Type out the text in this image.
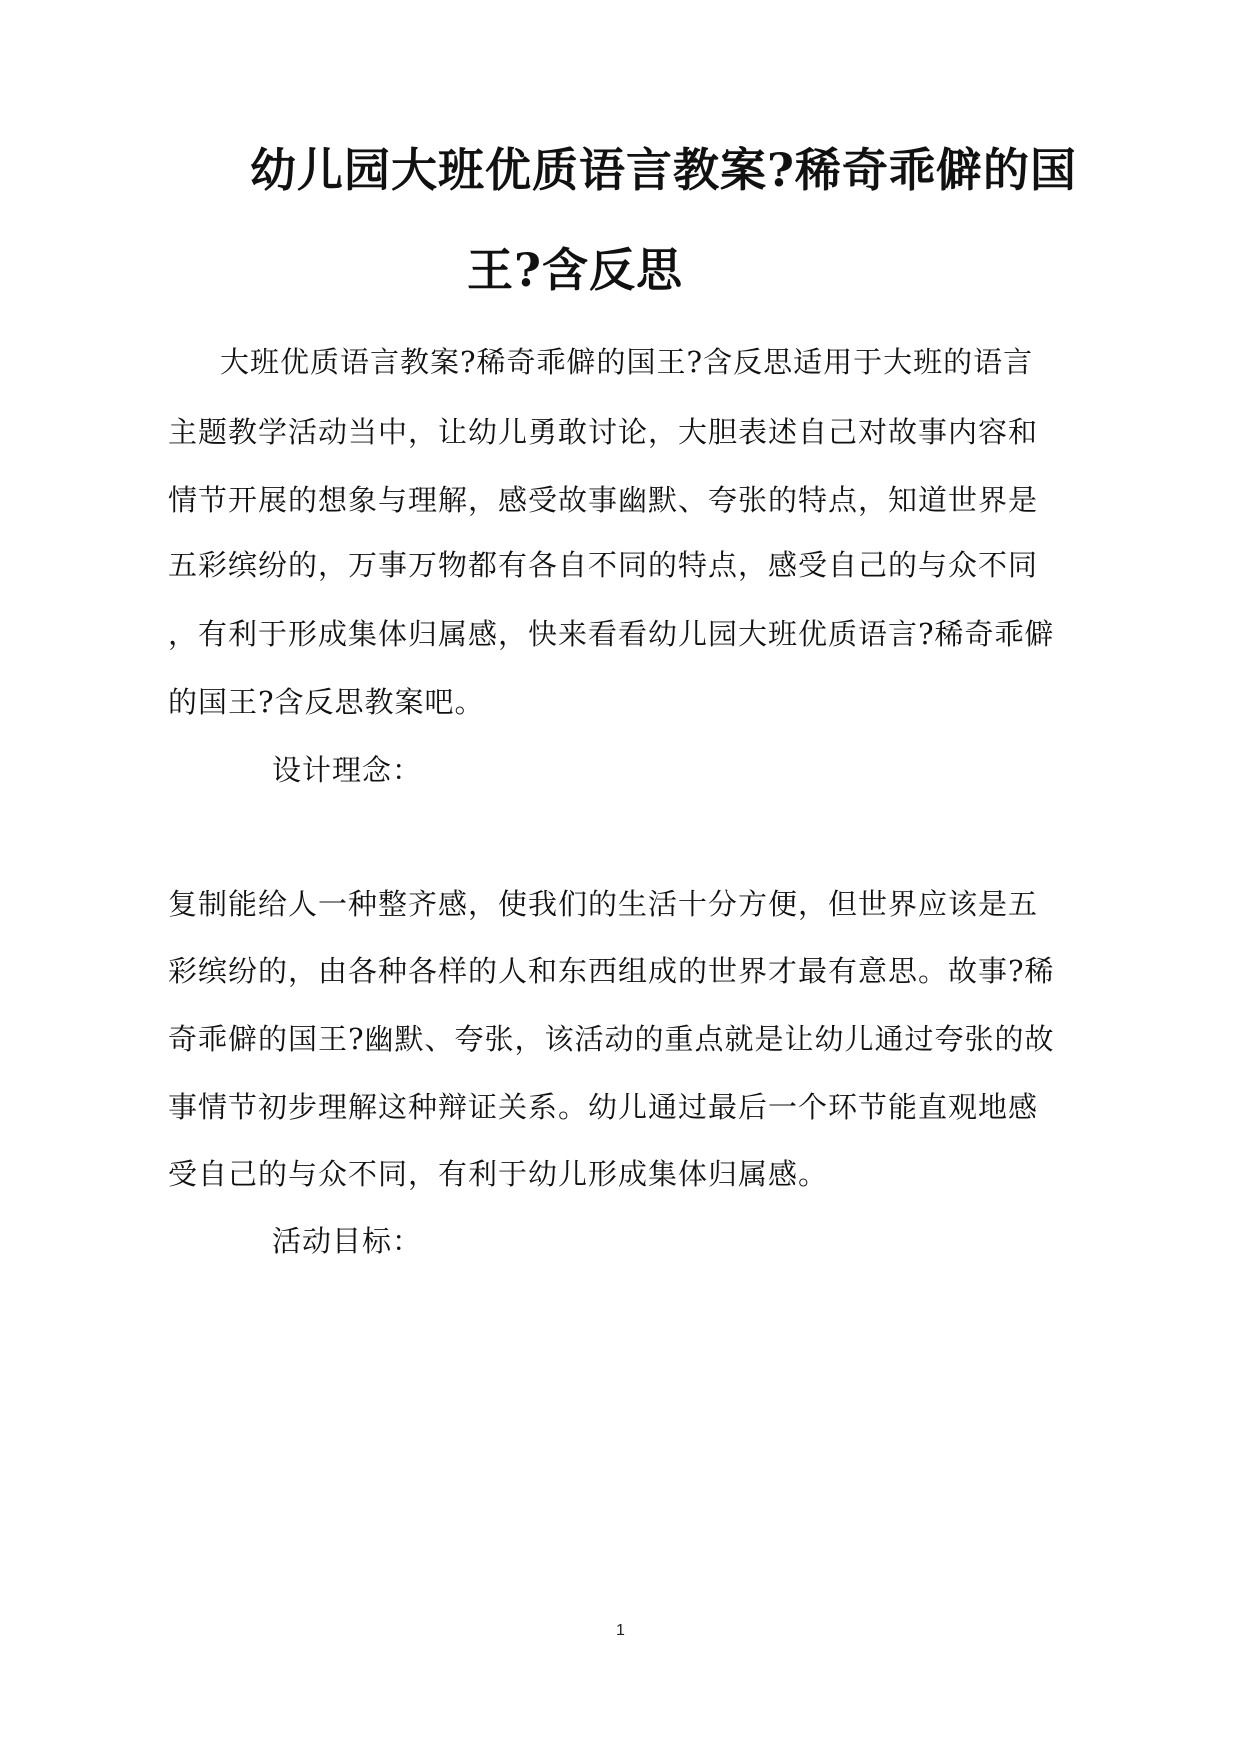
幼儿园大班优质语言教案?稀奇乖僻的国
王?含反思
大班优质语言教案?稀奇乖僻的国王?含反思适用于大班的语言
主题教学活动当中，让幼儿勇敢讨论，大胆表述自己对故事内容和
情节开展的想象与理解，感受故事幽默、夸张的特点，知道世界是
五彩缤纷的，万事万物都有各自不同的特点，感受自己的与众不同
，有利于形成集体归属感，快来看看幼儿园大班优质语言?稀奇乖僻
的国王?含反思教案吧。
设计理念：
复制能给人一种整齐感，使我们的生活十分方便，但世界应该是五
彩缤纷的，由各种各样的人和东西组成的世界才最有意思。故事?稀
奇乖僻的国王?幽默、夸张，该活动的重点就是让幼儿通过夸张的故
事情节初步理解这种辩证关系。幼儿通过最后一个环节能直观地感
受自己的与众不同，有利于幼儿形成集体归属感。
活动目标：
1
